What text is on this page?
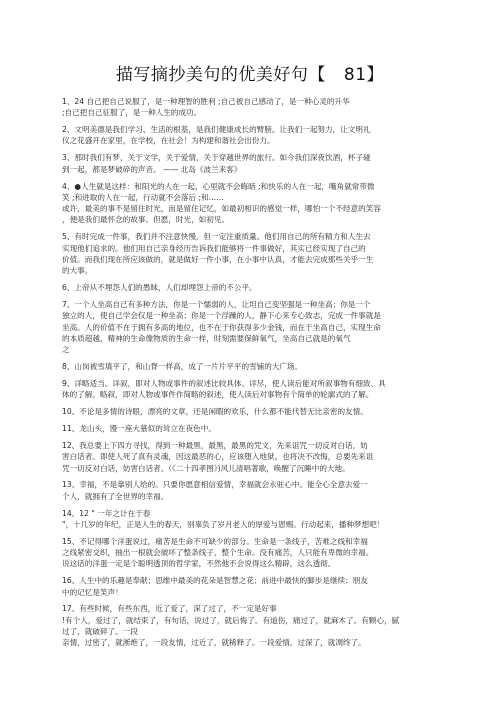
描写摘抄美句的优美好句【 81】
1、24 自己把自己说服了，是一种理智的胜利 ;自己被自己感动了，是一种心灵的升华
;自己把自己征服了，是一种人生的成功。
2、文明美德是我们学习、生活的根基，是我们健康成长的臂膀。让我们一起努力，让文明礼
仪之花盛开在家里，在学校，在社会！为构建和谐社会出份力。
3、那时我们有梦，关于文学，关于爱情，关于穿越世界的旅行。如今我们深夜饮酒，杯子碰
到一起，都是梦破碎的声音。 —— 北岛《波兰来客》
4、●人生就是这样：和阳光的人在一起，心里就不会晦暗 ;和快乐的人在一起，嘴角就常带微
笑 ;和进取的人在一起，行动就不会落后 ;和……
或许，最美的事不是留住时光，而是留住记忆，如最初相识的感觉一样，哪怕一个不经意的笑容
，便是我们最怀念的故事。但愿，时光，如初见。
5、有时完成一件事，我们并不注意快慢，但一定注重质量。他们用自己的所有精力和人生去
实现他们追求的。他们用自己亲身经历告诉我们能够将一件事做好，其实已经实现了自己的
价值。而我们现在所应该做的，就是做好一件小事，在小事中认真，才能去完成那些关乎一生
的大事。
6、上帝从不埋怨人们的愚昧，人们却埋怨上帝的不公平。
7、一个人坐高自己有多种方法，你是一个懦弱的人，让坦自己变坚强是一种坐高；你是一个
独立的人，使自己学会仅是一种坐高；你是一个浮躁的人，静下心来专心致志，完成一件事就是
坐高。人的价值不在于拥有多高的地位，也不在于你获得多少金钱，而在于坐高自己，实现生命
的本质超越，精神的生命像物质的生命一样，时刻需要保鲜氧气，坐高自己就是的氧气
之
8、山岗被雪填平了，和山脊一样高，成了一片片平平的雪铺的大广场。
9、详略适当。详叙，即对人物或事件的叙述比较具体、详尽，使人读后能对所叙事物有细致、具
体的了解。略叙，即对人物或事件作简略的叙述，使人读后对事物有个简单的轮廓式的了解。
10、不论是多情的诗眼，漂亮的文章，还是闲暇的欢乐，什么都不能代替无比亲密的友情。
11、龙山头，馒一座大墓似的耸立在夜色中。
12、我总要上下四方寻找，得到一种最黑，最黑，最黑的咒文，先来诅咒一切反对白话，妨
害白话者。即使人死了真有灵魂，因这最恶的心，应该堕入地狱，也将决不改悔，总要先来诅
咒一切反对白话，妨害白话者。（《二十四孝图》)风儿清唱著歌，唤醒了沉睡中的大地。
13、幸福，不是靠别人给的。只要你愿意相信爱情，幸福就会永驻心中。能全心全意去爱一
个人，就拥有了全世界的幸福。
14、12 " 一年之计在于春
"，十几岁的年纪，正是人生的春天，别辜负了岁月老人的厚爱与恩赐。行动起来，播种梦想吧！
15、不记得哪个洋蛋说过，痛苦是生命不可缺少的部分。生命是一条线子，苦难之线和幸福
之线紧密交织，抽出一根就会破坏了整条线子，整个生命。没有痛苦，人只能有卑微的幸福。
说这话的洋蛋一定是个聪明透顶的哲学家，不然他不会说得这么精辟，这么透彻。
16、人生中的乐趣是奉献；思维中最美的花朵是智慧之花；前进中最快的脚步是继续；朋友
中的记忆是笑声！
17、有些时候，有些东西，近了爱了，深了过了，不一定是好事
!有个人，爱过了，就结束了，有句话，说过了，就后悔了。有道伤，痛过了，就麻木了。有颗心，腻
过了，就破碎了。一段
亲情，过密了，就淅绝了，一段友情，过近了，就稀释了。一段爱情，过深了，就凋终了。
